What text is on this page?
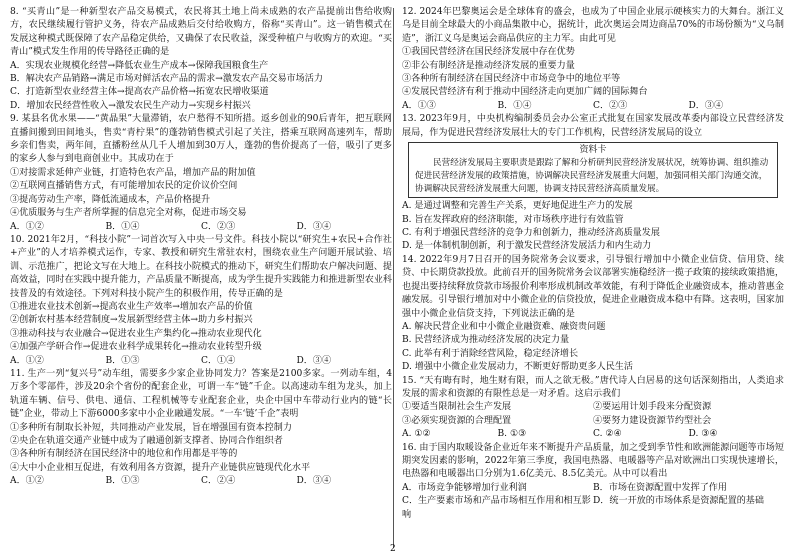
8. “买青山”是一种新型农产品交易模式，农民将其土地上尚未成熟的农产品提前出售给收购方，农民继续履行管护义务，待农产品成熟后交付给收购方，俗称“买青山”。这一销售模式在发展这种模式既保障了农产品稳定供给，又确保了农民收益，深受种植户与收购方的欢迎。“买青山”模式发生作用的传导路径正确的是

A．实现农业规模化经营→降低农业生产成本→保障我国粮食生产

B．解决农产品销路→满足市场对鲜活农产品的需求→激发农产品交易市场活力

C．打造新型农业经营主体→提高农产品价格→拓宽农民增收渠道

D．增加农民经营性收入→激发农民生产动力→实现乡村振兴

9. 某县名优水果——“黄晶果”大量滞销，农户愁得不知所措。返乡创业的90后青年，把互联网直播间搬到田间地头，售卖“青柠果”的蓬勃销售模式引起了关注，搭乘互联网高速列车，帮助乡亲们售卖，两年间，直播粉丝从几千人增加到30万人，蓬勃的售价提高了一倍，吸引了更多的家乡人参与到电商创业中。其成功在于

①对接需求延伸产业链，打造特色农产品，增加产品的附加值

②互联网直播销售方式，有可能增加农民的定价议价空间

③提高劳动生产率，降低流通成本，产品价格提升

④优质服务与生产者所掌握的信息完全对称，促进市场交易

A．①②	B．①④	C．②③	D．③④

10. 2021年2月，“科技小院”一词首次写入中央一号文件。科技小院以“研究生+农民+合作社+产业”的人才培养模式运作，专家、教授和研究生常驻农村，围绕农业生产问题开展试验、培训、示范推广，把论文写在大地上。在科技小院模式的推动下，研究生们帮助农户解决问题、提高效益，同时在实践中提升能力，产品质量不断提高，成为学生提升实践能力和推进新型农业科技普及的有效途径。下列对科技小院产生的积极作用，传导正确的是

①推进农业技术创新→提高农业生产效率→增加农产品的价值

②创新农村基本经营制度→发展新型经营主体→助力乡村振兴

③推动科技与农业融合→促进农业生产集约化→推动农业现代化

④加强产学研合作→促进农业科学成果转化→推动农业转型升级

A．①②	B．①③	C．①④	D．③④

11. 生产一列“复兴号”动车组，需要多少家企业协同发力？答案是2100多家。一列动车组，4万多个零部件，涉及20余个省份的配套企业，可谓一车“链”千企。以高速动车组为龙头，加上轨道车辆、信号、供电、通信、工程机械等专业配套企业，央企中国中车带动行业内的链“长链”企业，带动上下游6000多家中小企业融通发展。“一车‘链’千企”表明

①多种所有制取长补短，共同推动产业发展，旨在增强国有资本控制力

②央企在轨道交通产业链中成为了融通创新支撑者、协同合作组织者

③各种所有制经济在国民经济中的地位和作用都是平等的

④大中小企业相互促进，有效利用各方资源，提升产业链供应链现代化水平

A．①②	B．①③	C．②④	D．③④

12. 2024年巴黎奥运会是全球体育的盛会，也成为了中国企业展示硬核实力的大舞台。浙江义乌是目前全球最大的小商品集散中心，据统计，此次奥运会周边商品70%的市场份额为“义乌制造”，浙江义乌是奥运会商品供应的主力军。由此可见

①我国民营经济在国民经济发展中存在优势

②非公有制经济是推动经济发展的重要力量

③各种所有制经济在国民经济中市场竞争中的地位平等

④发展民营经济有利于推动中国经济走向更加广阔的国际舞台

A．①③	B．①④	C．②③	D．③④

13. 2023年9月，中央机构编制委员会办公室正式批复在国家发展改革委内部设立民营经济发展局，作为促进民营经济发展壮大的专门工作机构，民营经济发展局的设立

资料卡

民营经济发展局主要职责是跟踪了解和分析研判民营经济发展状况，统筹协调、组织推动促进民营经济发展的政策措施，协调解决民营经济发展重大问题，加强同相关部门沟通交流，协调解决民营经济发展重大问题，协调支持民营经济高质量发展。

A. 是通过调整和完善生产关系，更好地促进生产力的发展

B. 旨在发挥政府的经济职能，对市场秩序进行有效监管

C. 有利于增强民营经济的竞争力和创新力，推动经济高质量发展

D. 是一体制机制创新，利于激发民营经济发展活力和内生动力

14. 2022年9月7日召开的国务院常务会议要求，引导银行增加中小微企业信贷、信用贷、续贷、中长期贷款投放。此前召开的国务院常务会议部署实施稳经济一揽子政策的接续政策措施，也提出要持续释放贷款市场报价利率形成机制改革效能，有利于降低企业融资成本，推动普惠金融发展。引导银行增加对中小微企业的信贷投放，促进企业融资成本稳中有降。这表明，国家加强中小微企业信贷支持，下列说法正确的是

A. 解决民营企业和中小微企业融资难、融资贵问题

B. 民营经济成为推动经济发展的决定力量

C. 此举有利于消除经营风险，稳定经济增长

D. 增强中小微企业发展动力，不断更好帮助更多人民生活

15. “天有晦有时，地生财有限，而人之欲无极。”唐代诗人白居易的这句话深刻指出，人类追求发展的需求和资源的有限性总是一对矛盾。这启示我们

①要适当限制社会生产发展	②要运用计划手段来分配资源
③必须实现资源的合理配置	④要努力建设资源节约型社会
A. ①②	B. ①③	C. ②④	D. ③④

16. 由于国内取暖设备企业近年来不断提升产品质量，加之受到季节性和欧洲能源问题等市场短期突发因素的影响，2022年第三季度，我国电热器、电暖器等产品对欧洲出口实现快速增长，电热器和电暖器出口分别为1.6亿美元、8.5亿美元。从中可以看出

A．市场竞争能够增加行业利润	B．市场在资源配置中发挥了作用
C．生产要素市场和产品市场相互作用和相互影响
D．统一开放的市场体系是资源配置的基础
2
